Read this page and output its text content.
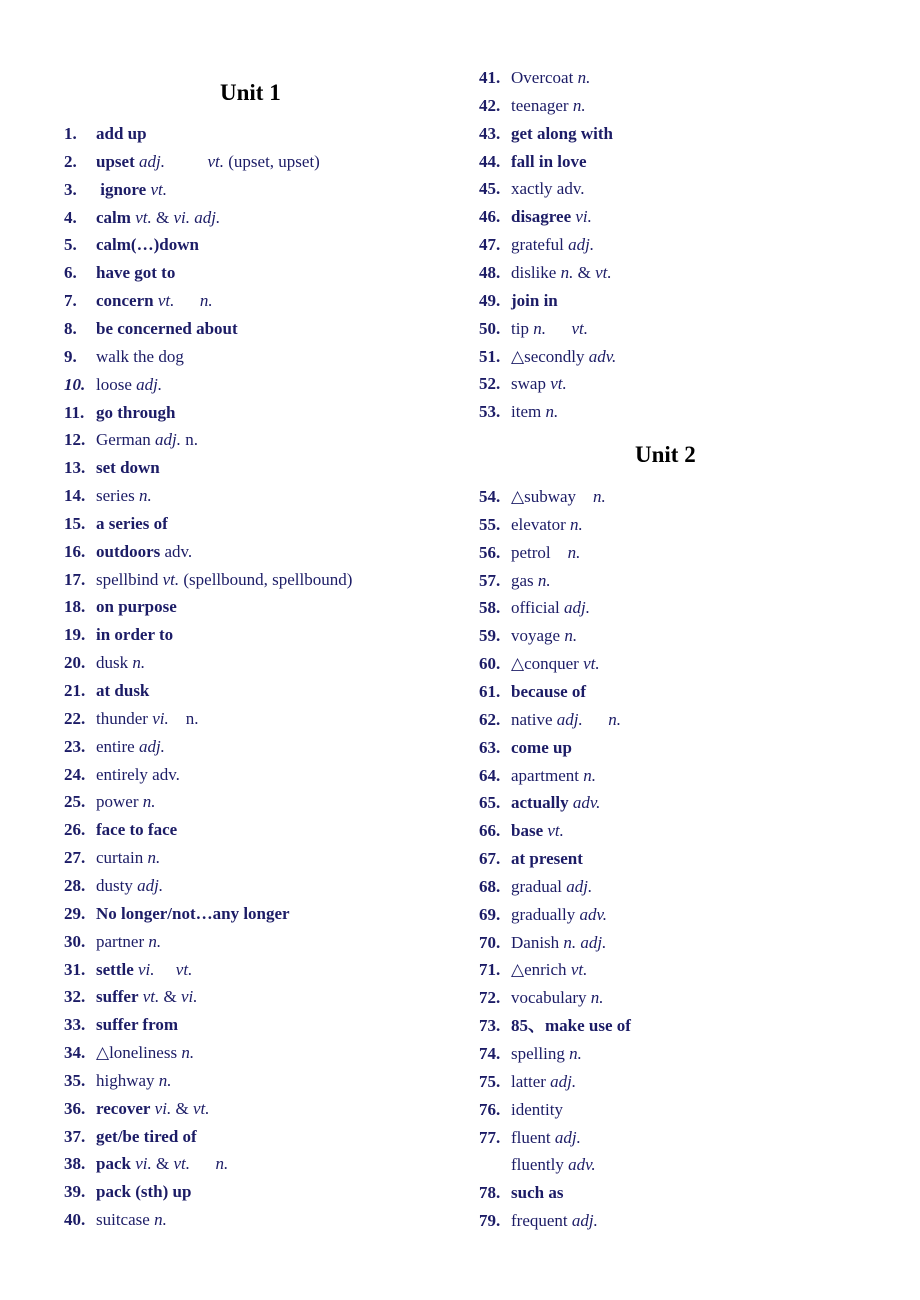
Unit 1
1. add up
2. upset adj.          vt. (upset, upset)
3. ignore vt.
4. calm vt. & vi. adj.
5. calm(…)down
6. have got to
7. concern vt.      n.
8. be concerned about
9. walk the dog
10. loose adj.
11. go through
12. German adj. n.
13. set down
14. series n.
15. a series of
16. outdoors adv.
17. spellbind vt. (spellbound, spellbound)
18. on purpose
19. in order to
20. dusk n.
21. at dusk
22. thunder vi.    n.
23. entire adj.
24. entirely adv.
25. power n.
26. face to face
27. curtain n.
28. dusty adj.
29. No longer/not…any longer
30. partner n.
31. settle vi.     vt.
32. suffer vt. & vi.
33. suffer from
34. △loneliness n.
35. highway n.
36. recover vi. & vt.
37. get/be tired of
38. pack vi. & vt.      n.
39. pack (sth) up
40. suitcase n.
41. Overcoat n.
42. teenager n.
43. get along with
44. fall in love
45. xactly adv.
46. disagree vi.
47. grateful adj.
48. dislike n. & vt.
49. join in
50. tip n.      vt.
51. △secondly adv.
52. swap vt.
53. item n.
Unit 2
54. △subway    n.
55. elevator n.
56. petrol    n.
57. gas n.
58. official adj.
59. voyage n.
60. △conquer vt.
61. because of
62. native adj.      n.
63. come up
64. apartment n.
65. actually adv.
66. base vt.
67. at present
68. gradual adj.
69. gradually adv.
70. Danish n. adj.
71. △enrich vt.
72. vocabulary n.
73. 85、make use of
74. spelling n.
75. latter adj.
76. identity
77. fluent adj.
fluently adv.
78. such as
79. frequent adj.
